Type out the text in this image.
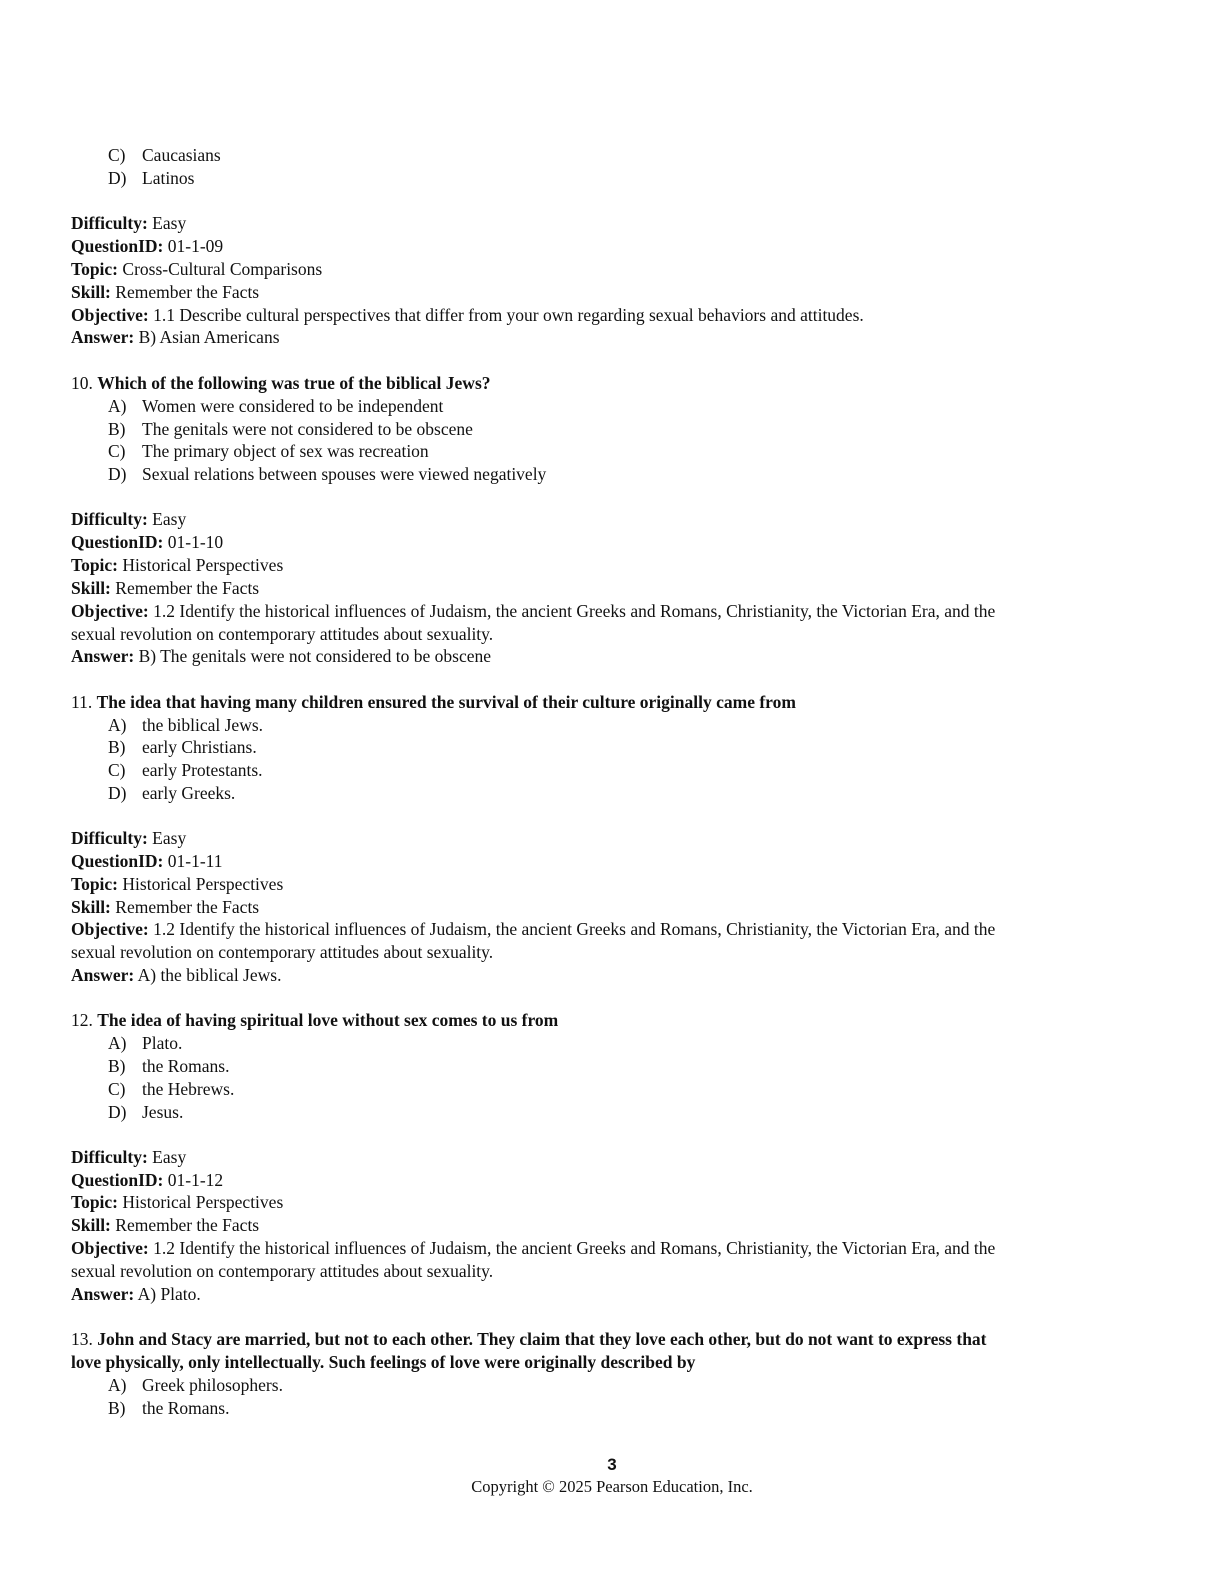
C) Caucasians
D) Latinos
Difficulty: Easy
QuestionID: 01-1-09
Topic: Cross-Cultural Comparisons
Skill: Remember the Facts
Objective: 1.1 Describe cultural perspectives that differ from your own regarding sexual behaviors and attitudes.
Answer: B) Asian Americans
10. Which of the following was true of the biblical Jews?
A) Women were considered to be independent
B) The genitals were not considered to be obscene
C) The primary object of sex was recreation
D) Sexual relations between spouses were viewed negatively
Difficulty: Easy
QuestionID: 01-1-10
Topic: Historical Perspectives
Skill: Remember the Facts
Objective: 1.2 Identify the historical influences of Judaism, the ancient Greeks and Romans, Christianity, the Victorian Era, and the
sexual revolution on contemporary attitudes about sexuality.
Answer: B) The genitals were not considered to be obscene
11. The idea that having many children ensured the survival of their culture originally came from
A) the biblical Jews.
B) early Christians.
C) early Protestants.
D) early Greeks.
Difficulty: Easy
QuestionID: 01-1-11
Topic: Historical Perspectives
Skill: Remember the Facts
Objective: 1.2 Identify the historical influences of Judaism, the ancient Greeks and Romans, Christianity, the Victorian Era, and the
sexual revolution on contemporary attitudes about sexuality.
Answer: A) the biblical Jews.
12. The idea of having spiritual love without sex comes to us from
A) Plato.
B) the Romans.
C) the Hebrews.
D) Jesus.
Difficulty: Easy
QuestionID: 01-1-12
Topic: Historical Perspectives
Skill: Remember the Facts
Objective: 1.2 Identify the historical influences of Judaism, the ancient Greeks and Romans, Christianity, the Victorian Era, and the
sexual revolution on contemporary attitudes about sexuality.
Answer: A) Plato.
13. John and Stacy are married, but not to each other. They claim that they love each other, but do not want to express that
love physically, only intellectually. Such feelings of love were originally described by
A) Greek philosophers.
B) the Romans.
3
Copyright © 2025 Pearson Education, Inc.
